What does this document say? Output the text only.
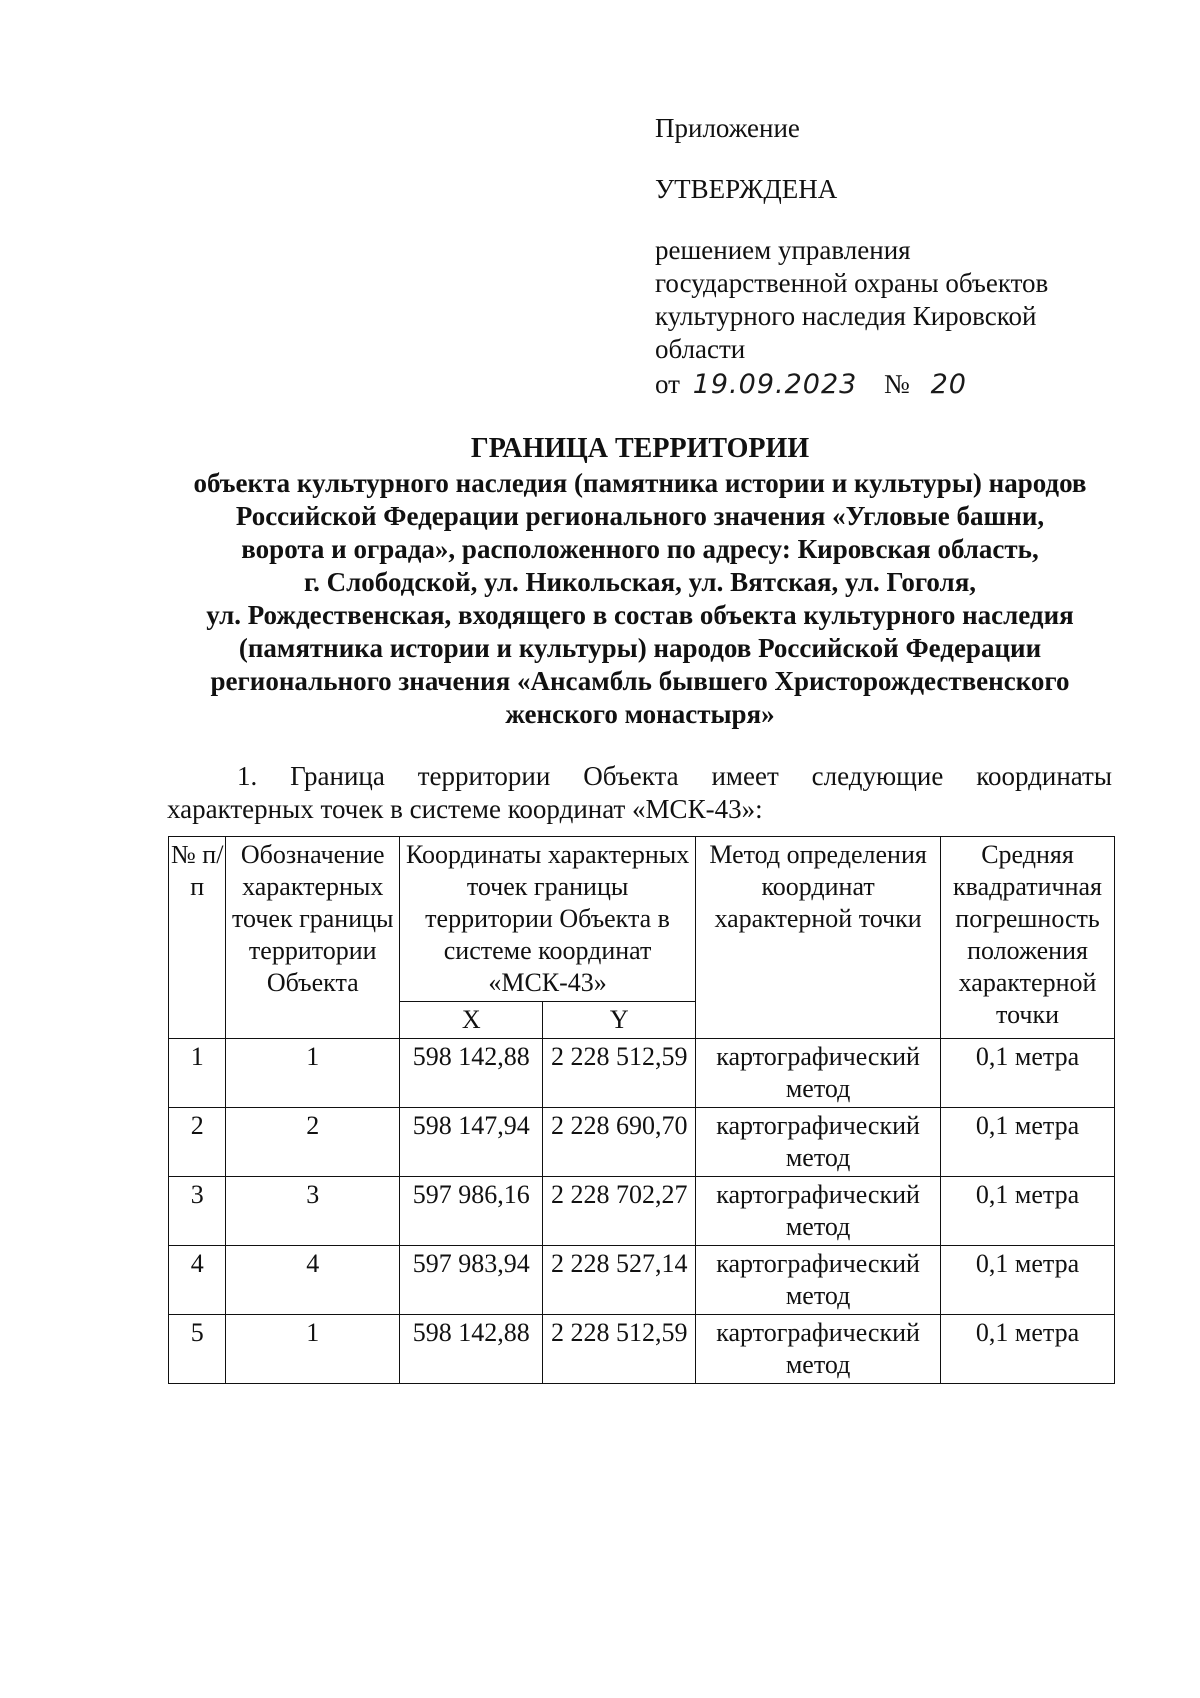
Приложение
УТВЕРЖДЕНА
решением управления
государственной охраны объектов
культурного наследия Кировской
области
от 19.09.2023 № 20
ГРАНИЦА ТЕРРИТОРИИ
объекта культурного наследия (памятника истории и культуры) народов
Российской Федерации регионального значения «Угловые башни,
ворота и ограда», расположенного по адресу: Кировская область,
г. Слободской, ул. Никольская, ул. Вятская, ул. Гоголя,
ул. Рождественская, входящего в состав объекта культурного наследия
(памятника истории и культуры) народов Российской Федерации
регионального значения «Ансамбль бывшего Христорождественского
женского монастыря»
1. Граница территории Объекта имеет следующие координаты
характерных точек в системе координат «МСК-43»:
№ п/п	Обозначение характерных точек границы территории Объекта	Координаты характерных точек границы территории Объекта в системе координат «МСК-43»		Метод определения координат характерной точки	Средняя квадратичная погрешность положения характерной точки
		X	Y		
1	1	598 142,88	2 228 512,59	картографический метод	0,1 метра
2	2	598 147,94	2 228 690,70	картографический метод	0,1 метра
3	3	597 986,16	2 228 702,27	картографический метод	0,1 метра
4	4	597 983,94	2 228 527,14	картографический метод	0,1 метра
5	1	598 142,88	2 228 512,59	картографический метод	0,1 метра
